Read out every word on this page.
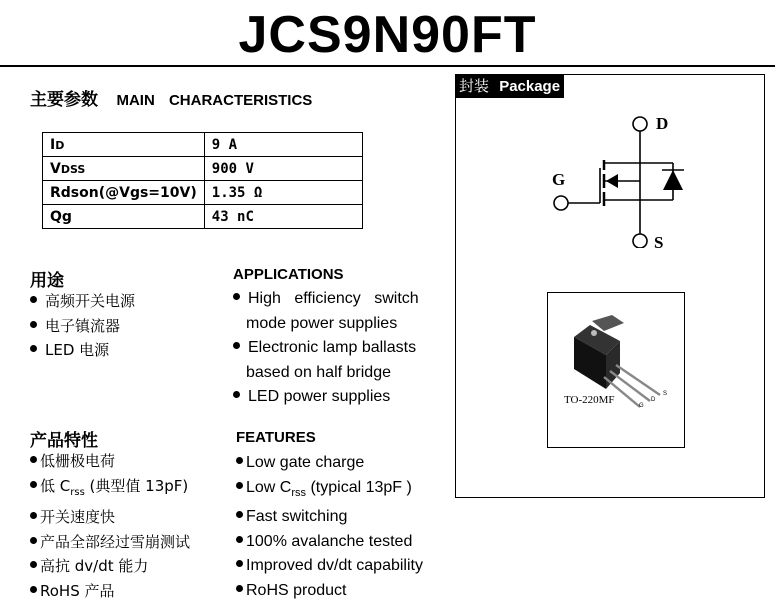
JCS9N90FT
主要参数 MAIN CHARACTERISTICS
ID	9 A
VDSS	900 V
Rdson(@Vgs=10V)	1.35 Ω
Qg	43 nC
用途
高频开关电源
电子镇流器
LED 电源
APPLICATIONS
High efficiency switch
mode power supplies
Electronic lamp ballasts
based on half bridge
LED power supplies
产品特性
低栅极电荷
低 $C_{rss}$ (典型值 13pF)
开关速度快
产品全部经过雪崩测试
高抗 dv/dt 能力
RoHS 产品
FEATURES
Low gate charge
Low $C_{rss}$ (typical 13pF )
Fast switching
100% avalanche tested
Improved dv/dt capability
RoHS product
封装 Package
D
G
S
TO-220MF	G
D
S
